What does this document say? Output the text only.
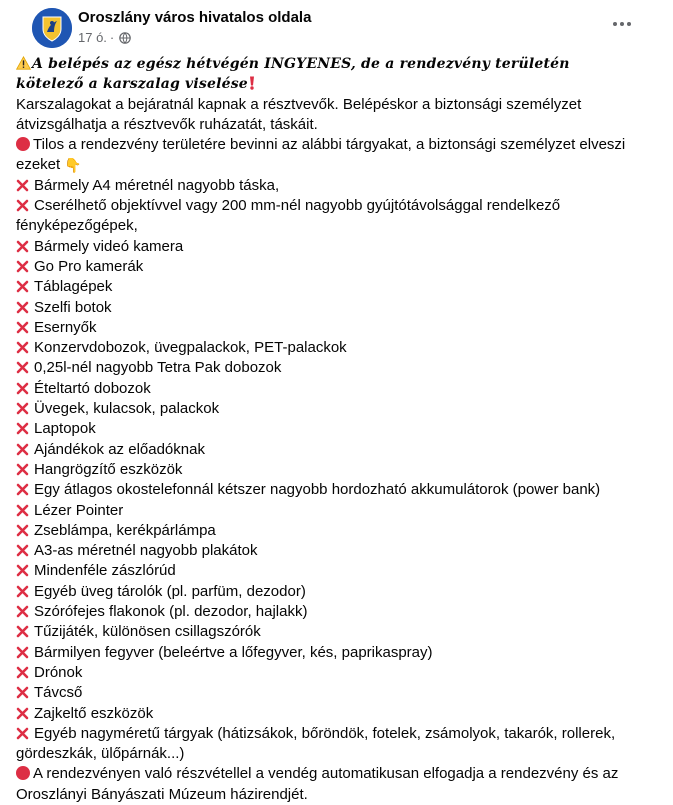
Oroszlány város hivatalos oldala
17 ó. ·
A belépés az egész hétvégén INGYENES, de a rendezvény területén kötelező a karszalag viselése
Karszalagokat a bejáratnál kapnak a résztvevők. Belépéskor a biztonsági személyzet átvizsgálhatja a résztvevők ruházatát, táskáit.
Tilos a rendezvény területére bevinni az alábbi tárgyakat, a biztonsági személyzet elveszi ezeket 👇
Bármely A4 méretnél nagyobb táska,
Cserélhető objektívvel vagy 200 mm-nél nagyobb gyújtótávolsággal rendelkező fényképezőgépek,
Bármely videó kamera
Go Pro kamerák
Táblagépek
Szelfi botok
Esernyők
Konzervdobozok, üvegpalackok, PET-palackok
0,25l-nél nagyobb Tetra Pak dobozok
Ételtartó dobozok
Üvegek, kulacsok, palackok
Laptopok
Ajándékok az előadóknak
Hangrögzítő eszközök
Egy átlagos okostelefonnál kétszer nagyobb hordozható akkumulátorok (power bank)
Lézer Pointer
Zseblámpa, kerékpárlámpa
A3-as méretnél nagyobb plakátok
Mindenféle zászlórúd
Egyéb üveg tárolók (pl. parfüm, dezodor)
Szórófejes flakonok (pl. dezodor, hajlakk)
Tűzijáték, különösen csillagszórók
Bármilyen fegyver (beleértve a lőfegyver, kés, paprikaspray)
Drónok
Távcső
Zajkeltő eszközök
Egyéb nagyméretű tárgyak (hátizsákok, bőröndök, fotelek, zsámolyok, takarók, rollerek, gördeszkák, ülőpárnák...)
A rendezvényen való részvétellel a vendég automatikusan elfogadja a rendezvény és az Oroszlányi Bányászati Múzeum házirendjét.
